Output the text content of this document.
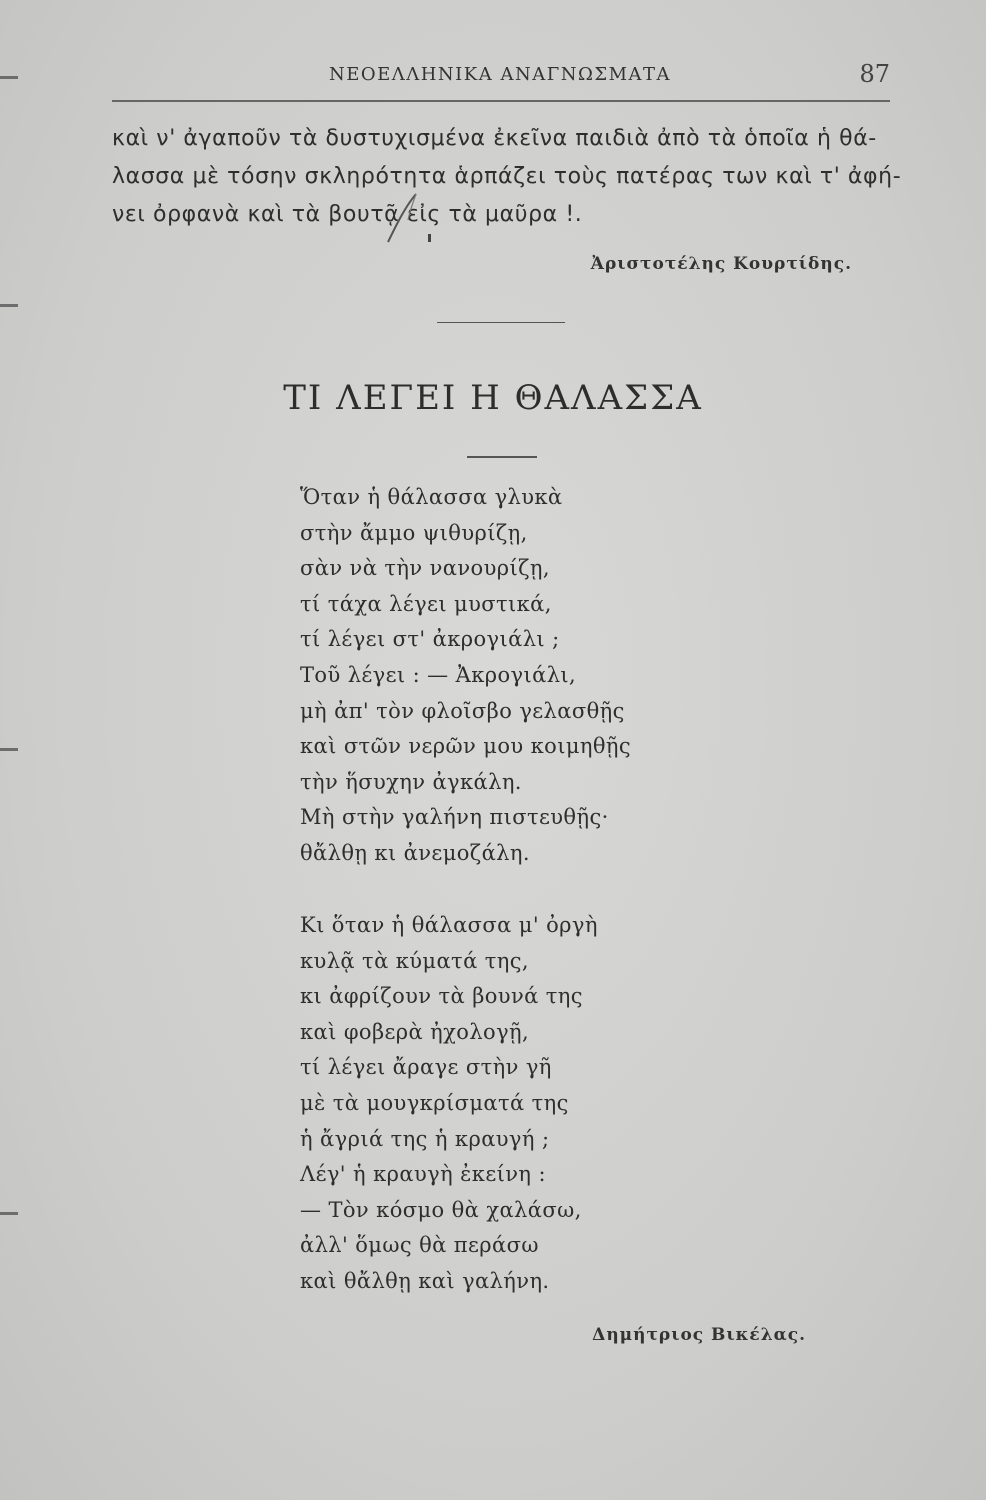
ΝΕΟΕΛΛΗΝΙΚΑ ΑΝΑΓΝΩΣΜΑΤΑ	87
καὶ ν' ἀγαποῦν τὰ δυστυχισμένα ἐκεῖνα παιδιὰ ἀπὸ τὰ ὁποῖα ἡ θά-
λασσα μὲ τόσην σκληρότητα ἁρπάζει τοὺς πατέρας των καὶ τ' ἀφή-
νει ὀρφανὰ καὶ τὰ βουτᾷ εἰς τὰ μαῦρα !.
Ἀριστοτέλης Κουρτίδης.
ΤΙ ΛΕΓΕΙ Η ΘΑΛΑΣΣΑ
Ὅταν ἡ θάλασσα γλυκὰ
στὴν ἄμμο ψιθυρίζῃ,
σὰν νὰ τὴν νανουρίζῃ,
τί τάχα λέγει μυστικά,
τί λέγει στ' ἀκρογιάλι ;
Τοῦ λέγει : — Ἀκρογιάλι,
μὴ ἀπ' τὸν φλοῖσβο γελασθῇς
καὶ στῶν νερῶν μου κοιμηθῇς
τὴν ἥσυχην ἀγκάλη.
Μὴ στὴν γαλήνη πιστευθῇς·
θἄλθῃ κι ἀνεμοζάλη.
Κι ὅταν ἡ θάλασσα μ' ὀργὴ
κυλᾷ τὰ κύματά της,
κι ἀφρίζουν τὰ βουνά της
καὶ φοβερὰ ἠχολογῇ,
τί λέγει ἄραγε στὴν γῆ
μὲ τὰ μουγκρίσματά της
ἡ ἄγριά της ἡ κραυγή ;
Λέγ' ἡ κραυγὴ ἐκείνη :
— Τὸν κόσμο θὰ χαλάσω,
ἀλλ' ὅμως θὰ περάσω
καὶ θἄλθῃ καὶ γαλήνη.
Δημήτριος Βικέλας.
